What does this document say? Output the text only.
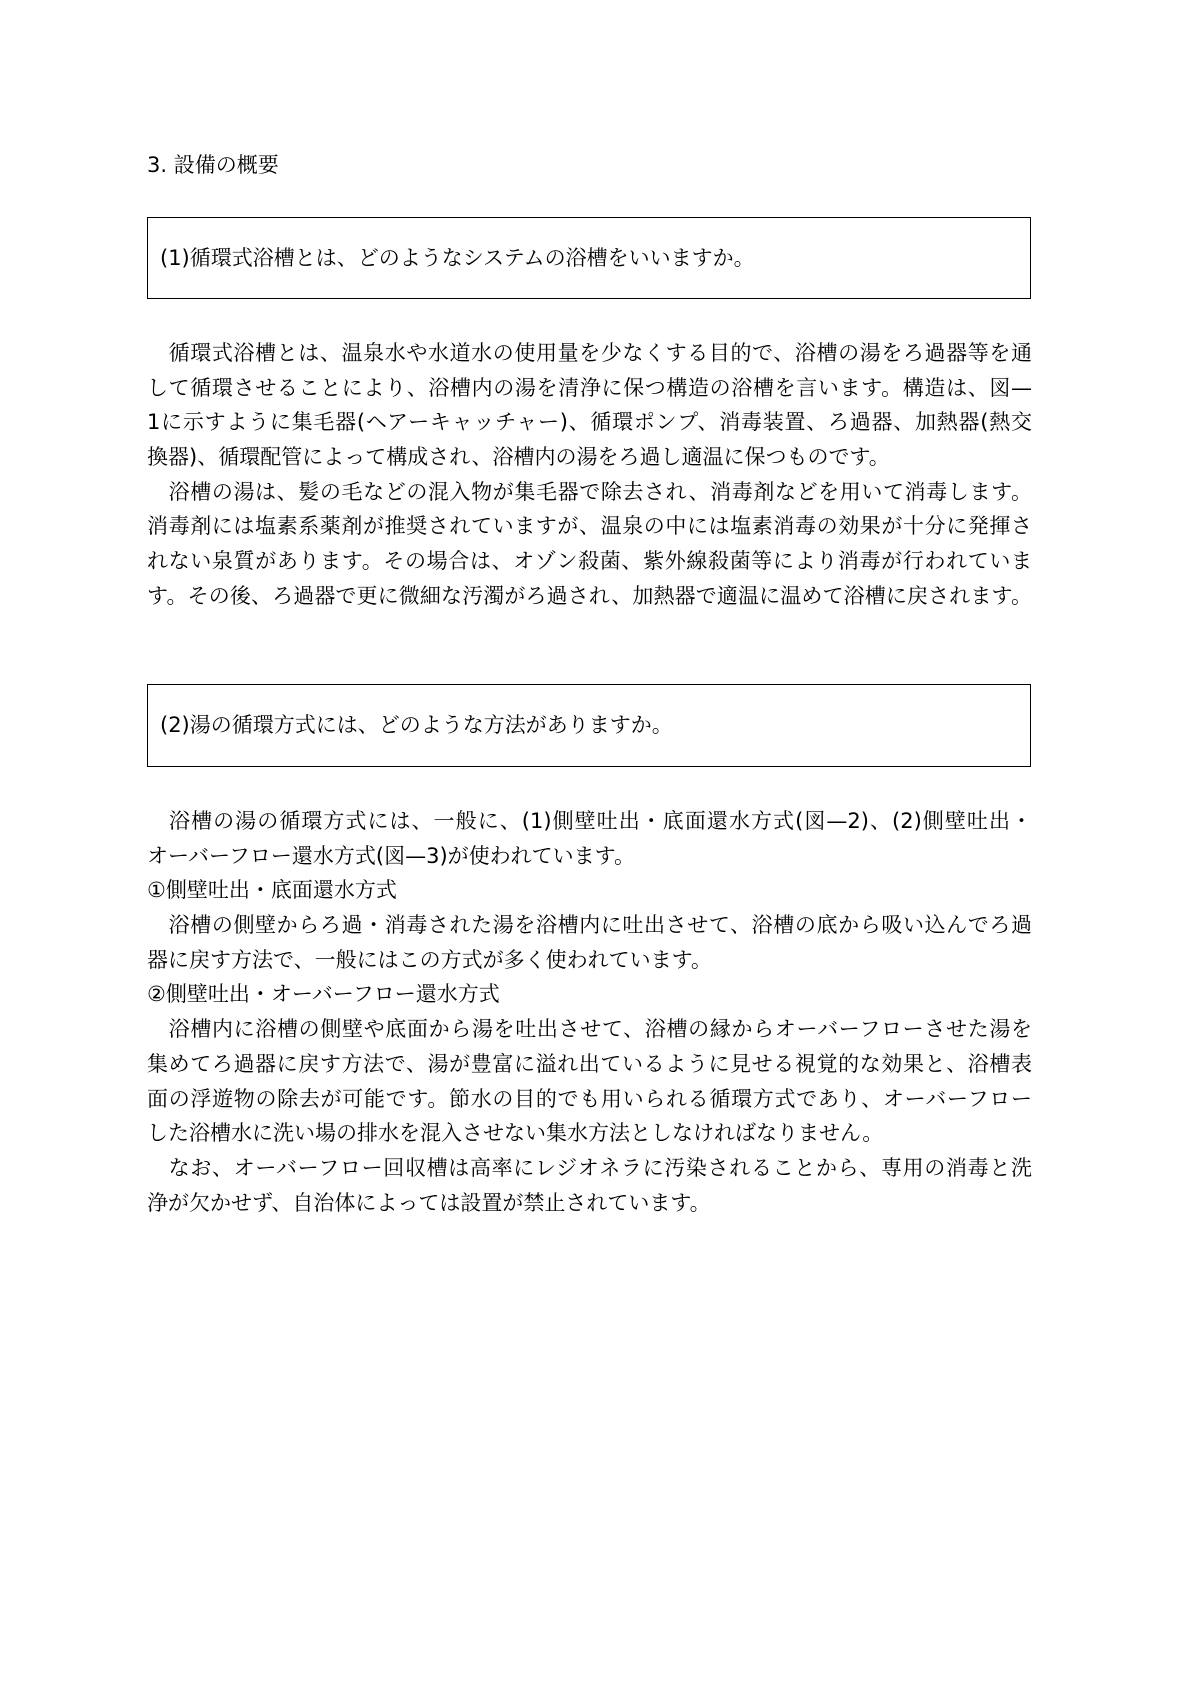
3. 設備の概要
(1)循環式浴槽とは、どのようなシステムの浴槽をいいますか。
　循環式浴槽とは、温泉水や水道水の使用量を少なくする目的で、浴槽の湯をろ過器等を通
して循環させることにより、浴槽内の湯を清浄に保つ構造の浴槽を言います。構造は、図—
1に示すように集毛器(ヘアーキャッチャー)、循環ポンプ、消毒装置、ろ過器、加熱器(熱交
換器)、循環配管によって構成され、浴槽内の湯をろ過し適温に保つものです。
　浴槽の湯は、髪の毛などの混入物が集毛器で除去され、消毒剤などを用いて消毒します。
消毒剤には塩素系薬剤が推奨されていますが、温泉の中には塩素消毒の効果が十分に発揮さ
れない泉質があります。その場合は、オゾン殺菌、紫外線殺菌等により消毒が行われていま
す。その後、ろ過器で更に微細な汚濁がろ過され、加熱器で適温に温めて浴槽に戻されます。
(2)湯の循環方式には、どのような方法がありますか。
　浴槽の湯の循環方式には、一般に、(1)側壁吐出・底面還水方式(図—2)、(2)側壁吐出・
オーバーフロー還水方式(図—3)が使われています。
①側壁吐出・底面還水方式
　浴槽の側壁からろ過・消毒された湯を浴槽内に吐出させて、浴槽の底から吸い込んでろ過
器に戻す方法で、一般にはこの方式が多く使われています。
②側壁吐出・オーバーフロー還水方式
　浴槽内に浴槽の側壁や底面から湯を吐出させて、浴槽の縁からオーバーフローさせた湯を
集めてろ過器に戻す方法で、湯が豊富に溢れ出ているように見せる視覚的な効果と、浴槽表
面の浮遊物の除去が可能です。節水の目的でも用いられる循環方式であり、オーバーフロー
した浴槽水に洗い場の排水を混入させない集水方法としなければなりません。
　なお、オーバーフロー回収槽は高率にレジオネラに汚染されることから、専用の消毒と洗
浄が欠かせず、自治体によっては設置が禁止されています。
